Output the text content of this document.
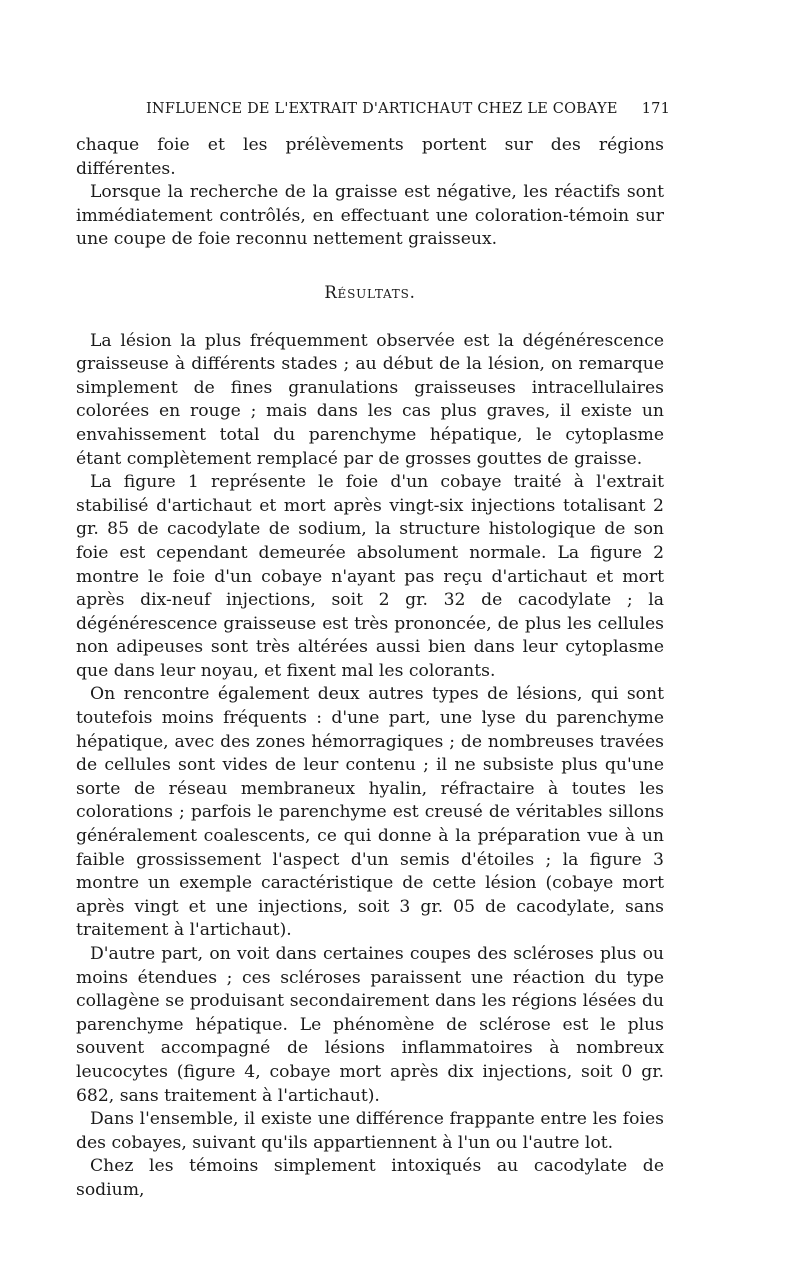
INFLUENCE DE L'EXTRAIT D'ARTICHAUT CHEZ LE COBAYE 171

chaque foie et les prélèvements portent sur des régions différentes.

Lorsque la recherche de la graisse est négative, les réactifs sont immédiatement contrôlés, en effectuant une coloration-témoin sur une coupe de foie reconnu nettement graisseux.

Résultats.

La lésion la plus fréquemment observée est la dégénérescence graisseuse à différents stades ; au début de la lésion, on remarque simplement de fines granulations graisseuses intracellulaires colorées en rouge ; mais dans les cas plus graves, il existe un envahissement total du parenchyme hépatique, le cytoplasme étant complètement remplacé par de grosses gouttes de graisse.

La figure 1 représente le foie d'un cobaye traité à l'extrait stabilisé d'artichaut et mort après vingt-six injections totalisant 2 gr. 85 de cacodylate de sodium, la structure histologique de son foie est cependant demeurée absolument normale. La figure 2 montre le foie d'un cobaye n'ayant pas reçu d'artichaut et mort après dix-neuf injections, soit 2 gr. 32 de cacodylate ; la dégénérescence graisseuse est très prononcée, de plus les cellules non adipeuses sont très altérées aussi bien dans leur cytoplasme que dans leur noyau, et fixent mal les colorants.

On rencontre également deux autres types de lésions, qui sont toutefois moins fréquents : d'une part, une lyse du parenchyme hépatique, avec des zones hémorragiques ; de nombreuses travées de cellules sont vides de leur contenu ; il ne subsiste plus qu'une sorte de réseau membraneux hyalin, réfractaire à toutes les colorations ; parfois le parenchyme est creusé de véritables sillons généralement coalescents, ce qui donne à la préparation vue à un faible grossissement l'aspect d'un semis d'étoiles ; la figure 3 montre un exemple caractéristique de cette lésion (cobaye mort après vingt et une injections, soit 3 gr. 05 de cacodylate, sans traitement à l'artichaut).

D'autre part, on voit dans certaines coupes des scléroses plus ou moins étendues ; ces scléroses paraissent une réaction du type collagène se produisant secondairement dans les régions lésées du parenchyme hépatique. Le phénomène de sclérose est le plus souvent accompagné de lésions inflammatoires à nombreux leucocytes (figure 4, cobaye mort après dix injections, soit 0 gr. 682, sans traitement à l'artichaut).

Dans l'ensemble, il existe une différence frappante entre les foies des cobayes, suivant qu'ils appartiennent à l'un ou l'autre lot.

Chez les témoins simplement intoxiqués au cacodylate de sodium,
